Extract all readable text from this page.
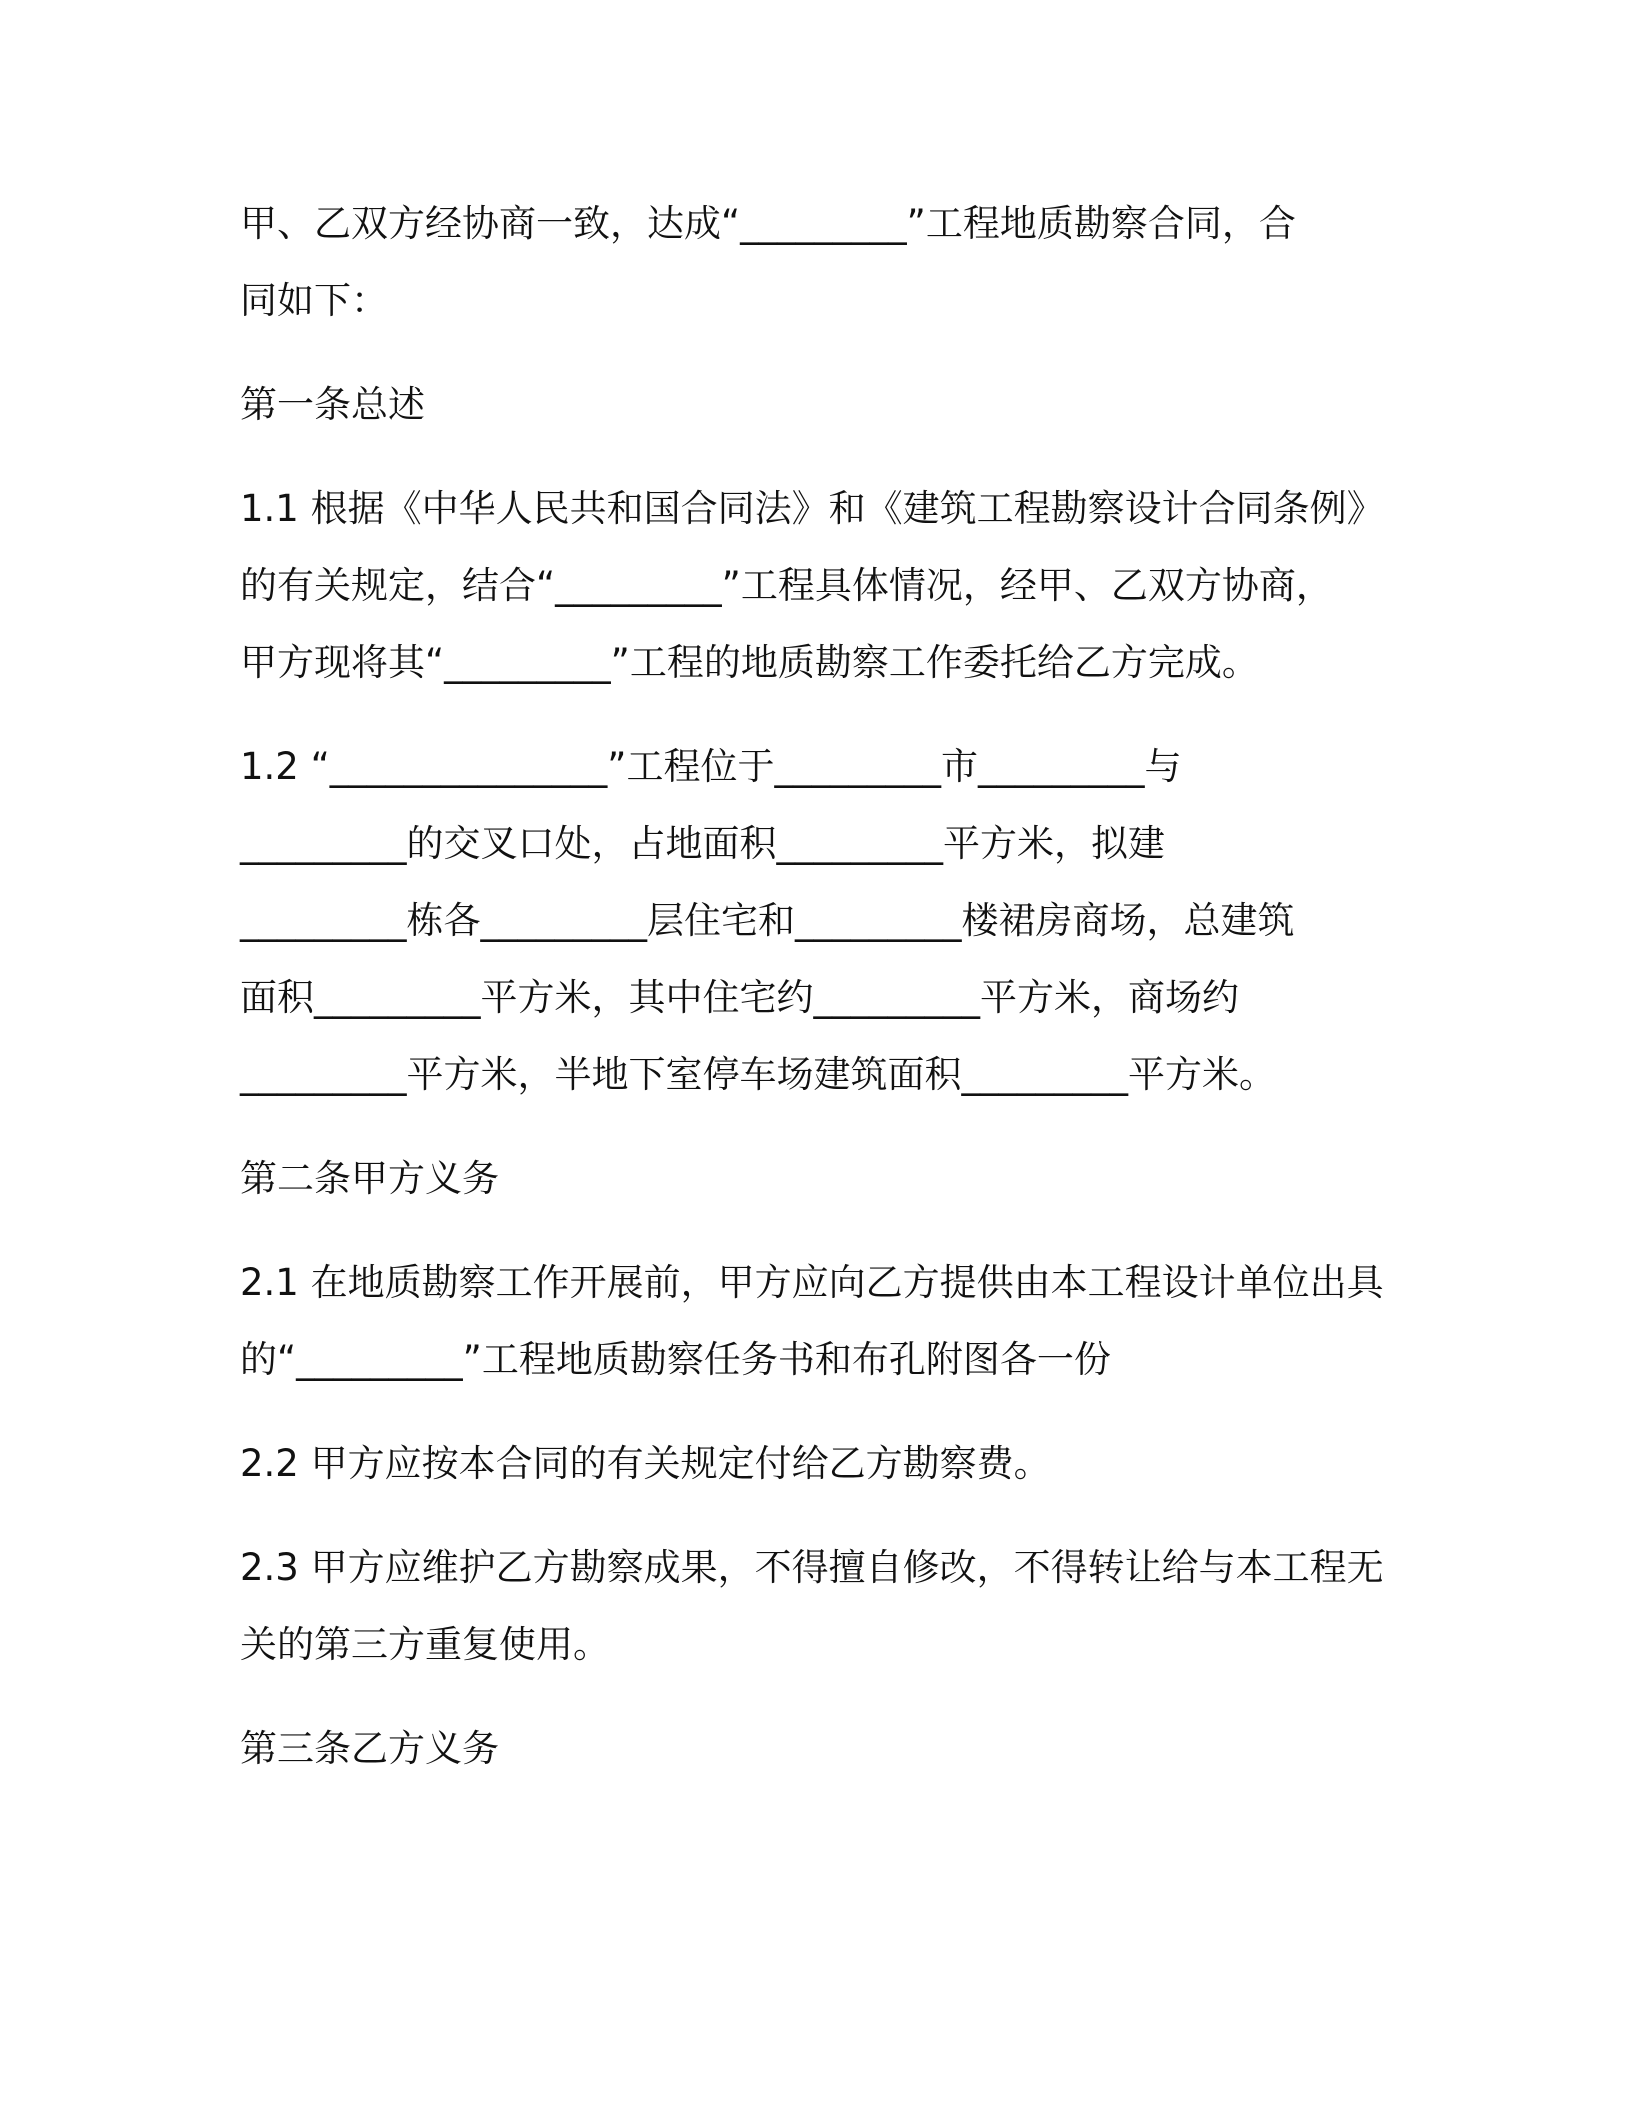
甲、乙双方经协商一致，达成“_________”工程地质勘察合同，合
同如下：
第一条总述
1.1 根据《中华人民共和国合同法》和《建筑工程勘察设计合同条例》
的有关规定，结合“_________”工程具体情况，经甲、乙双方协商，
甲方现将其“_________”工程的地质勘察工作委托给乙方完成。
1.2 “_______________”工程位于_________市_________与
_________的交叉口处，占地面积_________平方米，拟建
_________栋各_________层住宅和_________楼裙房商场，总建筑
面积_________平方米，其中住宅约_________平方米，商场约
_________平方米，半地下室停车场建筑面积_________平方米。
第二条甲方义务
2.1 在地质勘察工作开展前，甲方应向乙方提供由本工程设计单位出具
的“_________”工程地质勘察任务书和布孔附图各一份
2.2 甲方应按本合同的有关规定付给乙方勘察费。
2.3 甲方应维护乙方勘察成果，不得擅自修改，不得转让给与本工程无
关的第三方重复使用。
第三条乙方义务
